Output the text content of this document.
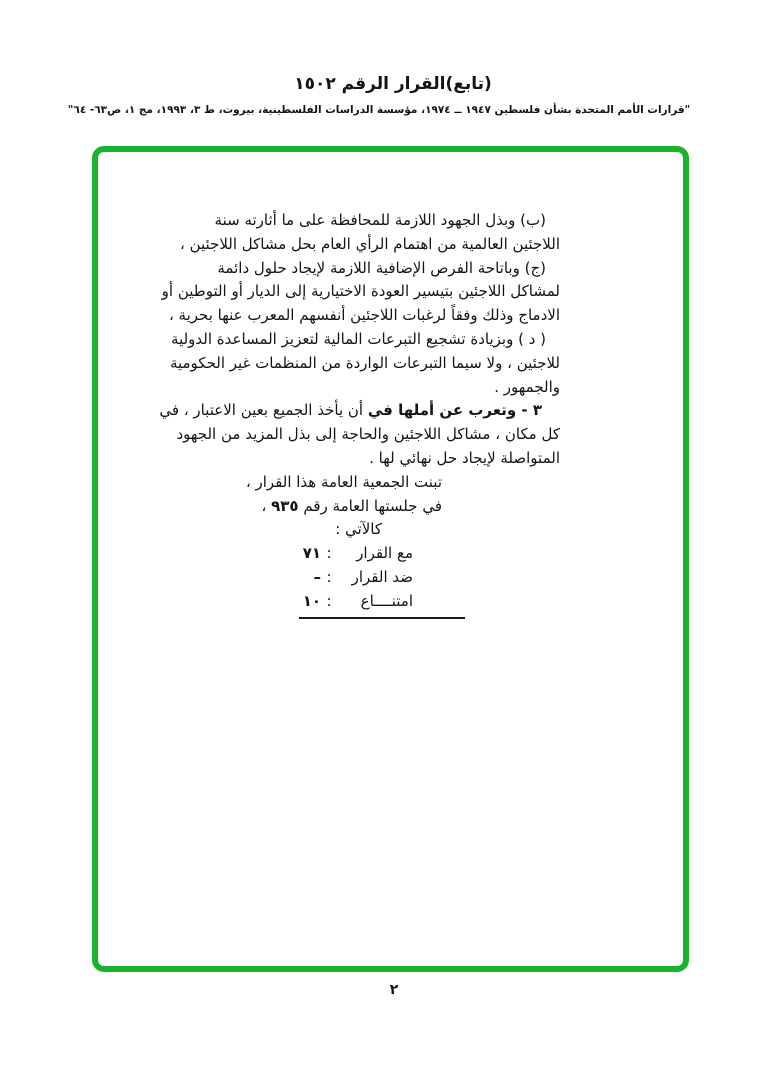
(تابع)القرار الرقم ١٥٠٢
"قرارات الأمم المتحدة بشأن فلسطين ١٩٤٧ ــ ١٩٧٤، مؤسسة الدراسات الفلسطينية، بيروت، ط ٣، ١٩٩٣، مج ١، ص٦٣- ٦٤"
(ب) وبذل الجهود اللازمة للمحافظة على ما أثارته سنة
اللاجئين العالمية من اهتمام الرأي العام بحل مشاكل اللاجئين ،
(ج) وباتاحة الفرص الإضافية اللازمة لإيجاد حلول دائمة
لمشاكل اللاجئين بتيسير العودة الاختيارية إلى الديار أو التوطين أو
الادماج وذلك وفقاً لرغبات اللاجئين أنفسهم المعرب عنها بحرية ،
( د ) وبزيادة تشجيع التبرعات المالية لتعزيز المساعدة الدولية
للاجئين ، ولا سيما التبرعات الواردة من المنظمات غير الحكومية
والجمهور .
٣ - وتعرب عن أملها في أن يأخذ الجميع بعين الاعتبار ، في
كل مكان ، مشاكل اللاجئين والحاجة إلى بذل المزيد من الجهود
المتواصلة لإيجاد حل نهائي لها .
تبنت الجمعية العامة هذا القرار ،
في جلستها العامة رقم ٩٣٥ ،
كالآتي :
مع القرار
:
٧١
ضد القرار
:
–
امتنــــاع
:
١٠
٢
